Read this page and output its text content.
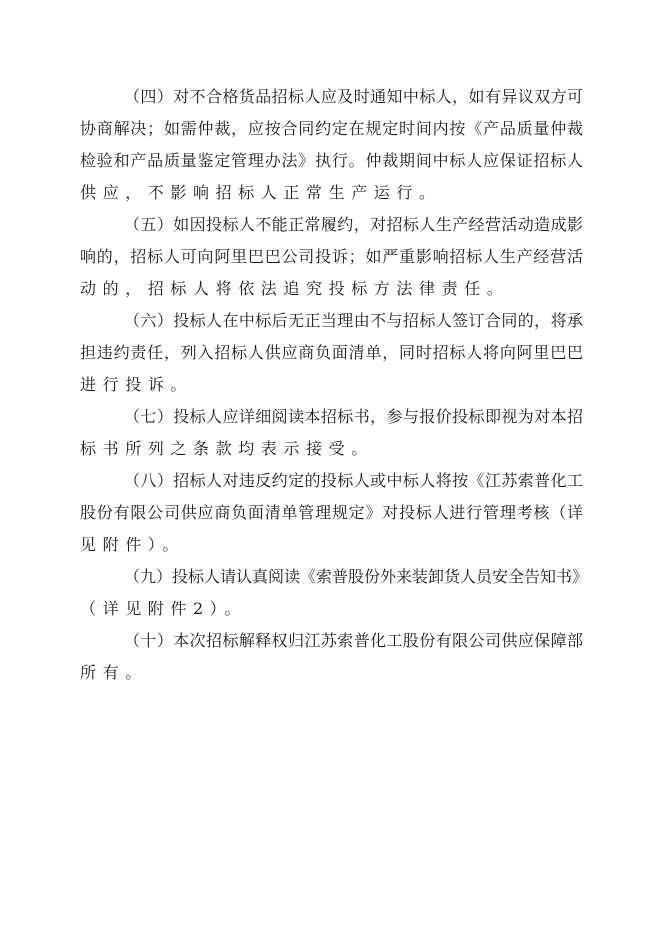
（四）对不合格货品招标人应及时通知中标人，如有异议双方可
协商解决；如需仲裁，应按合同约定在规定时间内按《产品质量仲裁
检验和产品质量鉴定管理办法》执行。仲裁期间中标人应保证招标人
供应，不影响招标人正常生产运行。
（五）如因投标人不能正常履约，对招标人生产经营活动造成影
响的，招标人可向阿里巴巴公司投诉；如严重影响招标人生产经营活
动的，招标人将依法追究投标方法律责任。
（六）投标人在中标后无正当理由不与招标人签订合同的，将承
担违约责任，列入招标人供应商负面清单，同时招标人将向阿里巴巴
进行投诉。
（七）投标人应详细阅读本招标书，参与报价投标即视为对本招
标书所列之条款均表示接受。
（八）招标人对违反约定的投标人或中标人将按《江苏索普化工
股份有限公司供应商负面清单管理规定》对投标人进行管理考核（详
见附件）。
（九）投标人请认真阅读《索普股份外来装卸货人员安全告知书》
（详见附件2）。
（十）本次招标解释权归江苏索普化工股份有限公司供应保障部
所有。
